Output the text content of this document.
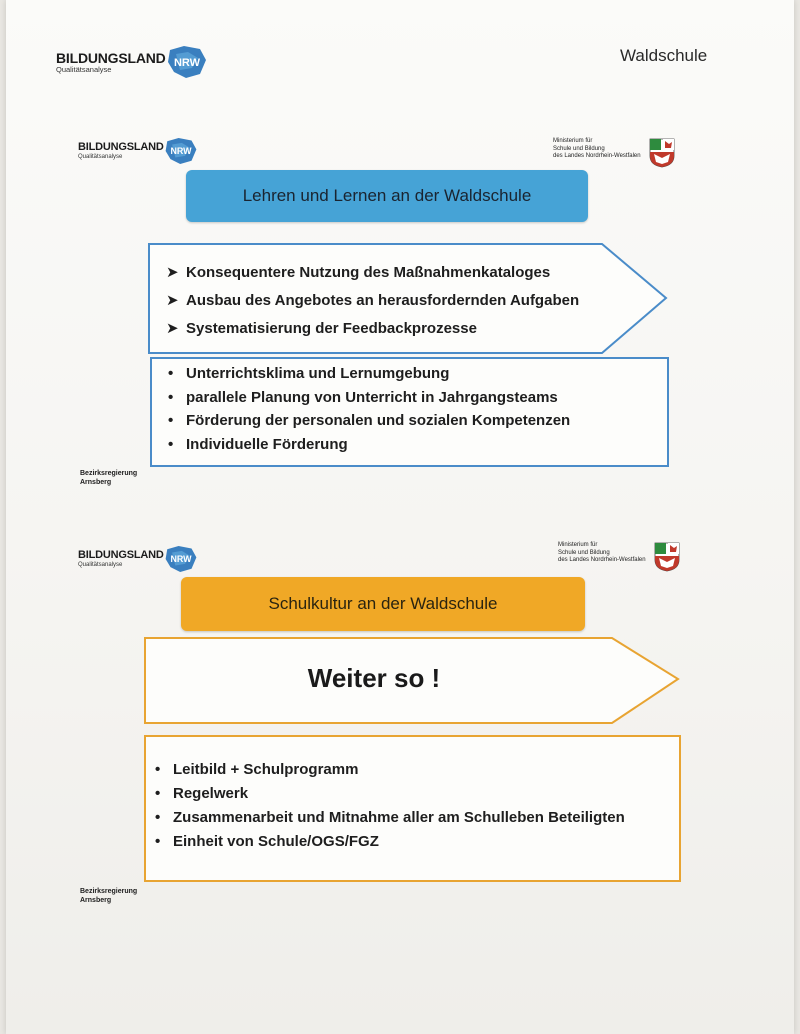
BILDUNGSLAND
Qualitätsanalyse
NRW	Waldschule
BILDUNGSLAND
Qualitätsanalyse
NRW
Ministerium für
Schule und Bildung
des Landes Nordrhein-Westfalen
Lehren und Lernen an der Waldschule
➤ Konsequentere Nutzung des Maßnahmenkataloges
➤ Ausbau des Angebotes an herausfordernden Aufgaben
➤ Systematisierung der Feedbackprozesse
• Unterrichtsklima und Lernumgebung
• parallele Planung von Unterricht in Jahrgangsteams
• Förderung der personalen und sozialen Kompetenzen
• Individuelle Förderung
Bezirksregierung
Arnsberg
BILDUNGSLAND
Qualitätsanalyse
NRW
Ministerium für
Schule und Bildung
des Landes Nordrhein-Westfalen
Schulkultur an der Waldschule
Weiter so !
• Leitbild + Schulprogramm
• Regelwerk
• Zusammenarbeit und Mitnahme aller am Schulleben Beteiligten
• Einheit von Schule/OGS/FGZ
Bezirksregierung
Arnsberg
